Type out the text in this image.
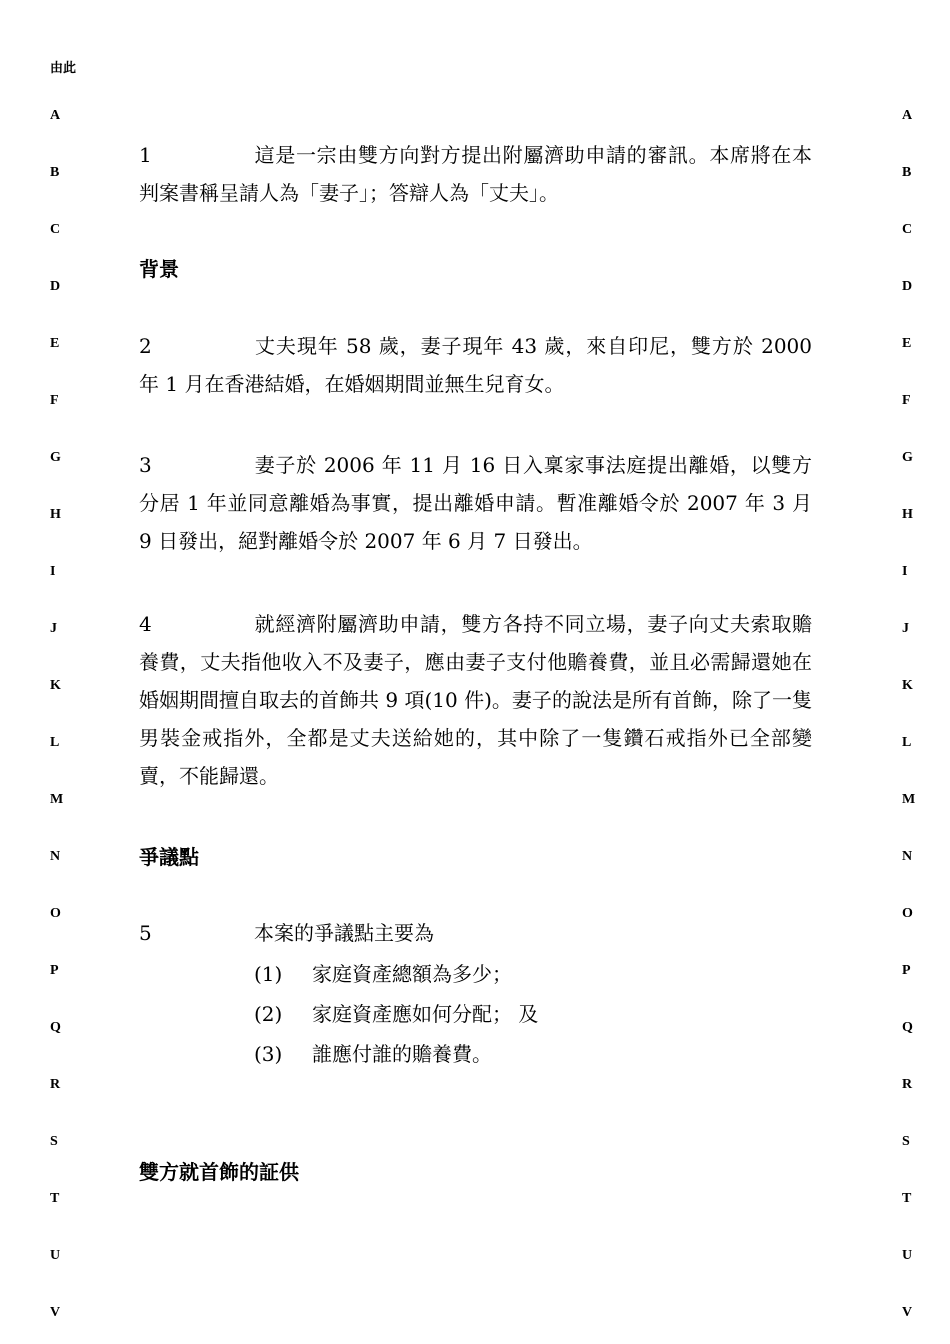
由此
A
B
C
D
E
F
G
H
I
J
K
L
M
N
O
P
Q
R
S
T
U
V
A
B
C
D
E
F
G
H
I
J
K
L
M
N
O
P
Q
R
S
T
U
V
1	這是一宗由雙方向對方提出附屬濟助申請的審訊。本席將在本判案書稱呈請人為「妻子」；答辯人為「丈夫」。
背景
2	丈夫現年 58 歲，妻子現年 43 歲，來自印尼，雙方於 2000 年 1 月在香港結婚，在婚姻期間並無生兒育女。
3	妻子於 2006 年 11 月 16 日入稟家事法庭提出離婚，以雙方分居 1 年並同意離婚為事實，提出離婚申請。暫准離婚令於 2007 年 3 月 9 日發出，絕對離婚令於 2007 年 6 月 7 日發出。
4	就經濟附屬濟助申請，雙方各持不同立場，妻子向丈夫索取贍養費，丈夫指他收入不及妻子，應由妻子支付他贍養費，並且必需歸還她在婚姻期間擅自取去的首飾共 9 項(10 件)。妻子的說法是所有首飾，除了一隻男裝金戒指外，全都是丈夫送給她的，其中除了一隻鑽石戒指外已全部變賣，不能歸還。
爭議點
5	本案的爭議點主要為
(1) 家庭資產總額為多少；
(2) 家庭資產應如何分配； 及
(3) 誰應付誰的贍養費。
雙方就首飾的証供
